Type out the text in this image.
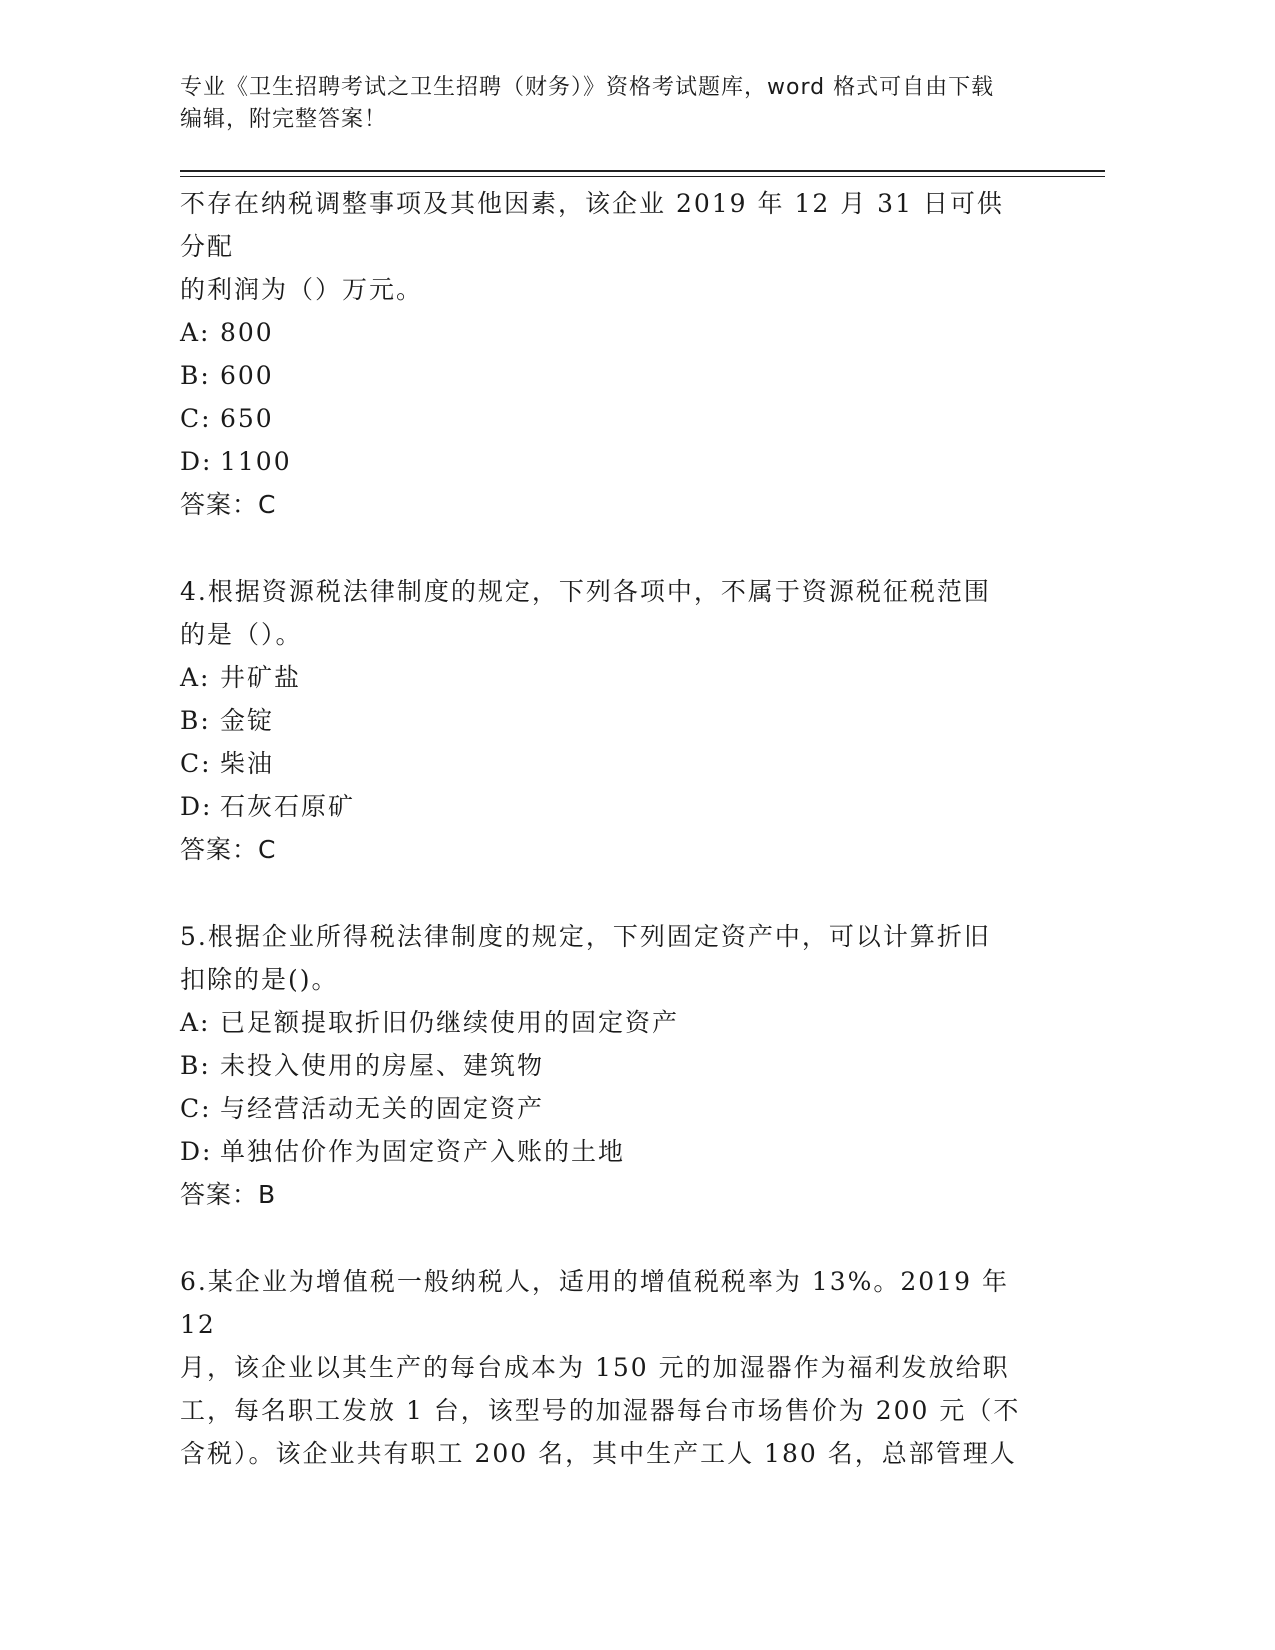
专业《卫生招聘考试之卫生招聘（财务）》资格考试题库，word 格式可自由下载
编辑，附完整答案！

不存在纳税调整事项及其他因素，该企业 2019 年 12 月 31 日可供分配

的利润为（）万元。

A: 800

B: 600

C: 650

D: 1100

答案：C

4.根据资源税法律制度的规定，下列各项中，不属于资源税征税范围

的是（）。

A: 井矿盐

B: 金锭

C: 柴油

D: 石灰石原矿

答案：C

5.根据企业所得税法律制度的规定，下列固定资产中，可以计算折旧

扣除的是()。

A: 已足额提取折旧仍继续使用的固定资产

B: 未投入使用的房屋、建筑物

C: 与经营活动无关的固定资产

D: 单独估价作为固定资产入账的土地

答案：B

6.某企业为增值税一般纳税人，适用的增值税税率为 13%。2019 年 12

月，该企业以其生产的每台成本为 150 元的加湿器作为福利发放给职

工，每名职工发放 1 台，该型号的加湿器每台市场售价为 200 元（不

含税）。该企业共有职工 200 名，其中生产工人 180 名，总部管理人
